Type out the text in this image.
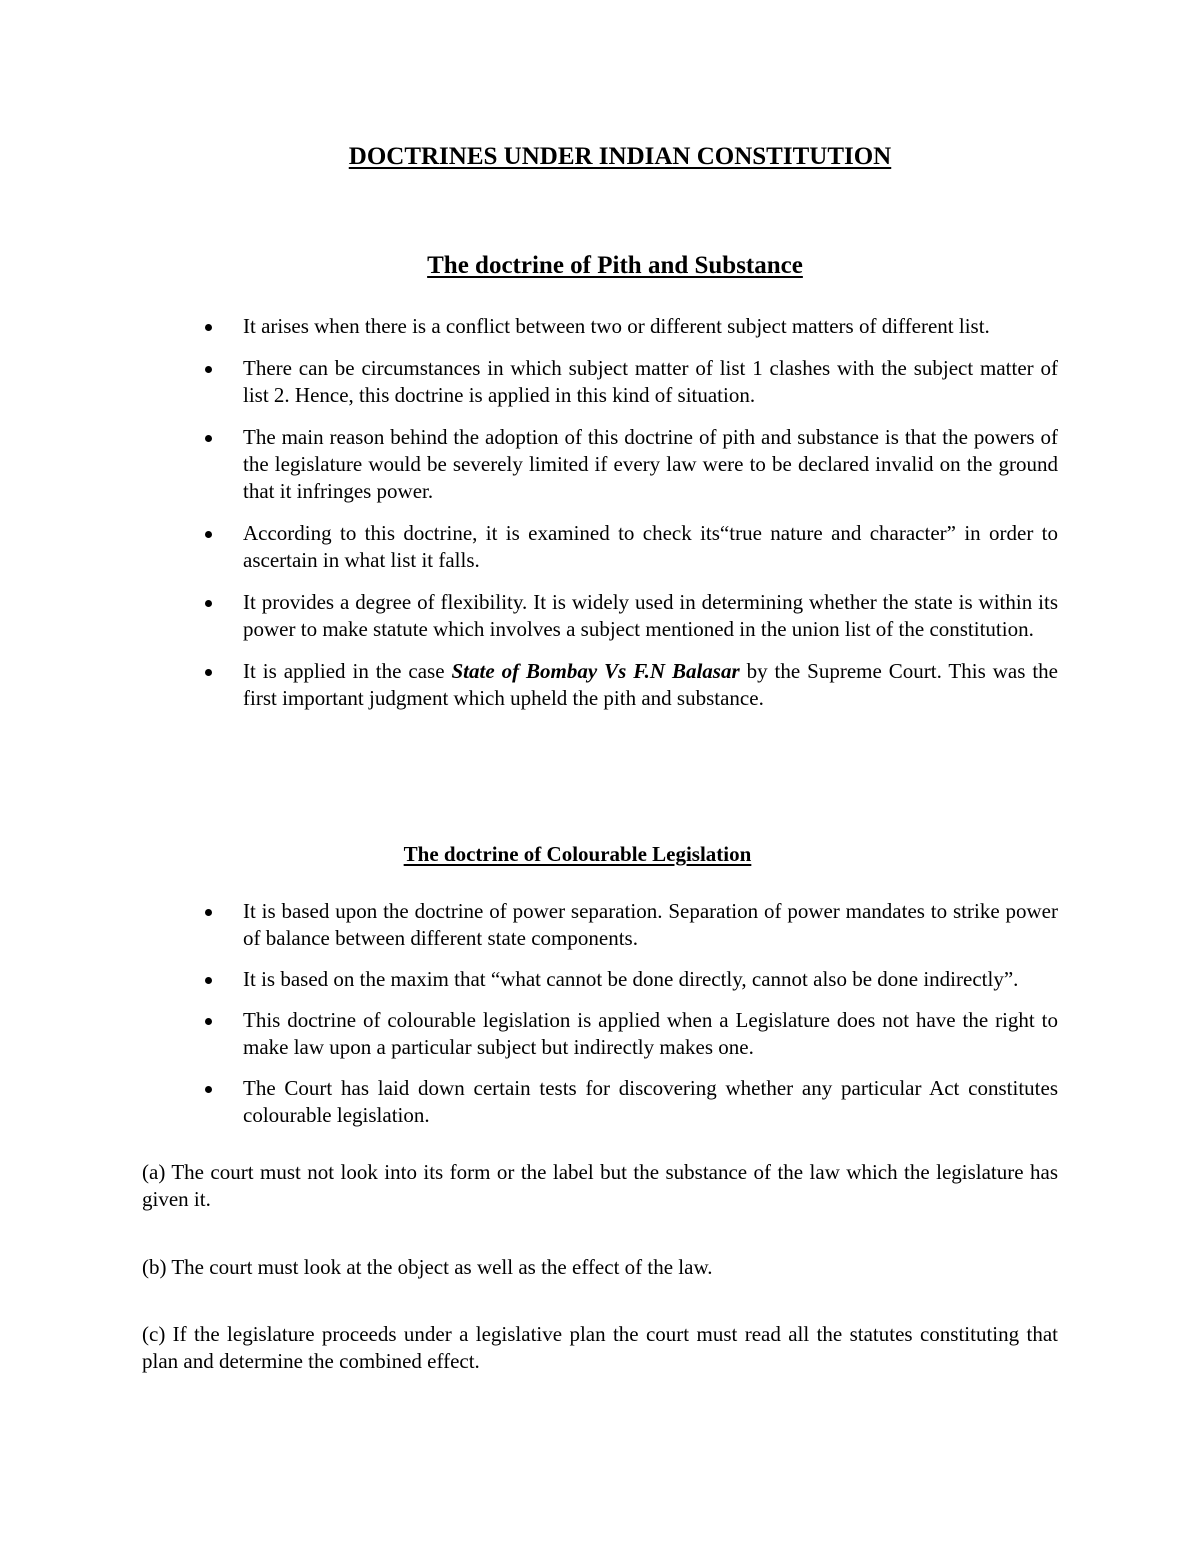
DOCTRINES UNDER INDIAN CONSTITUTION
The doctrine of Pith and Substance
It arises when there is a conflict between two or different subject matters of different list.
There can be circumstances in which subject matter of list 1 clashes with the subject matter of list 2. Hence, this doctrine is applied in this kind of situation.
The main reason behind the adoption of this doctrine of pith and substance is that the powers of the legislature would be severely limited if every law were to be declared invalid on the ground that it infringes power.
According to this doctrine, it is examined to check its“true nature and character” in order to ascertain in what list it falls.
It provides a degree of flexibility. It is widely used in determining whether the state is within its power to make statute which involves a subject mentioned in the union list of the constitution.
It is applied in the case State of Bombay Vs F.N Balasar by the Supreme Court. This was the first important judgment which upheld the pith and substance.
The doctrine of Colourable Legislation
It is based upon the doctrine of power separation. Separation of power mandates to strike power of balance between different state components.
It is based on the maxim that “what cannot be done directly, cannot also be done indirectly”.
This doctrine of colourable legislation is applied when a Legislature does not have the right to make law upon a particular subject but indirectly makes one.
The Court has laid down certain tests for discovering whether any particular Act constitutes colourable legislation.

(a) The court must not look into its form or the label but the substance of the law which the legislature has given it.

(b) The court must look at the object as well as the effect of the law.

(c) If the legislature proceeds under a legislative plan the court must read all the statutes constituting that plan and determine the combined effect.
